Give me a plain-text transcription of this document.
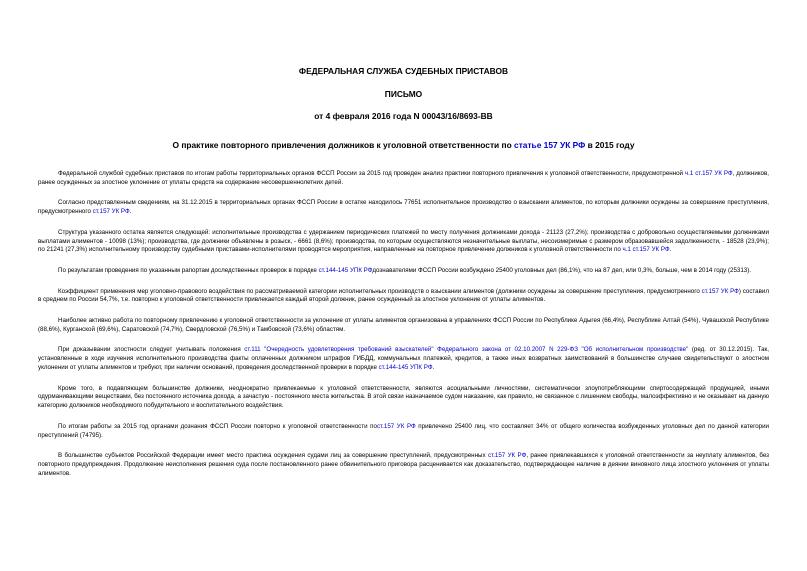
ФЕДЕРАЛЬНАЯ СЛУЖБА СУДЕБНЫХ ПРИСТАВОВ
ПИСЬМО
от 4 февраля 2016 года N 00043/16/8693-ВВ
О практике повторного привлечения должников к уголовной ответственности по статье 157 УК РФ в 2015 году

Федеральной службой судебных приставов по итогам работы территориальных органов ФССП России за 2015 год проведен анализ практики повторного привлечения к уголовной ответственности, предусмотренной ч.1 ст.157 УК РФ, должников, ранее осужденных за злостное уклонение от уплаты средств на содержание несовершеннолетних детей.

Согласно представленным сведениям, на 31.12.2015 в территориальных органах ФССП России в остатке находилось 77651 исполнительное производство о взыскании алиментов, по которым должники осуждены за совершение преступления, предусмотренного ст.157 УК РФ.

Структура указанного остатка является следующей: исполнительные производства с удержанием периодических платежей по месту получения должниками дохода - 21123 (27,2%); производства с добровольно осуществляемыми должниками выплатами алиментов - 10098 (13%); производства, где должники объявлены в розыск, - 6661 (8,6%); производства, по которым осуществляются незначительные выплаты, несоизмеримые с размером образовавшейся задолженности, - 18528 (23,9%); по 21241 (27,3%) исполнительному производству судебными приставами-исполнителями проводятся мероприятия, направленные на повторное привлечение должников к уголовной ответственности по ч.1 ст.157 УК РФ.

По результатам проведения по указанным рапортам доследственных проверок в порядке ст.144-145 УПК РФдознавателями ФССП России возбуждено 25400 уголовных дел (86,1%), что на 87 дел, или 0,3%, больше, чем в 2014 году (25313).

Коэффициент применения мер уголовно-правового воздействия по рассматриваемой категории исполнительных производств о взыскании алиментов (должники осуждены за совершение преступления, предусмотренного ст.157 УК РФ) составил в среднем по России 54,7%, т.е. повторно к уголовной ответственности привлекается каждый второй должник, ранее осужденный за злостное уклонение от уплаты алиментов.

Наиболее активно работа по повторному привлечению к уголовной ответственности за уклонение от уплаты алиментов организована в управлениях ФССП России по Республике Адыгея (66,4%), Республике Алтай (54%), Чувашской Республике (88,6%), Курганской (69,6%), Саратовской (74,7%), Свердловской (76,5%) и Тамбовской (73,6%) областям.

При доказывании злостности следует учитывать положения ст.111 "Очередность удовлетворения требований взыскателей" Федерального закона от 02.10.2007 N 229-ФЗ "Об исполнительном производстве" (ред. от 30.12.2015). Так, установленные в ходе изучения исполнительного производства факты оплаченных должником штрафов ГИБДД, коммунальных платежей, кредитов, а также иных возвратных заимствований в большинстве случаев свидетельствуют о злостном уклонении от уплаты алиментов и требуют, при наличии оснований, проведения доследственной проверки в порядке ст.144-145 УПК РФ.

Кроме того, в подавляющем большинстве должники, неоднократно привлекаемые к уголовной ответственности, являются асоциальными личностями, систематически злоупотребляющими спиртосодержащей продукцией, иными одурманивающими веществами, без постоянного источника дохода, а зачастую - постоянного места жительства. В этой связи назначаемое судом наказание, как правило, не связанное с лишением свободы, малоэффективно и не оказывает на данную категорию должников необходимого побудительного и воспитательного воздействия.

По итогам работы за 2015 год органами дознания ФССП России повторно к уголовной ответственности пост.157 УК РФ привлечено 25400 лиц, что составляет 34% от общего количества возбужденных уголовных дел по данной категории преступлений (74795).

В большинстве субъектов Российской Федерации имеет место практика осуждения судами лиц за совершение преступлений, предусмотренных ст.157 УК РФ, ранее привлекавшихся к уголовной ответственности за неуплату алиментов, без повторного предупреждения. Продолжение неисполнения решения суда после постановленного ранее обвинительного приговора расценивается как доказательство, подтверждающее наличие в деянии виновного лица злостного уклонения от уплаты алиментов.
